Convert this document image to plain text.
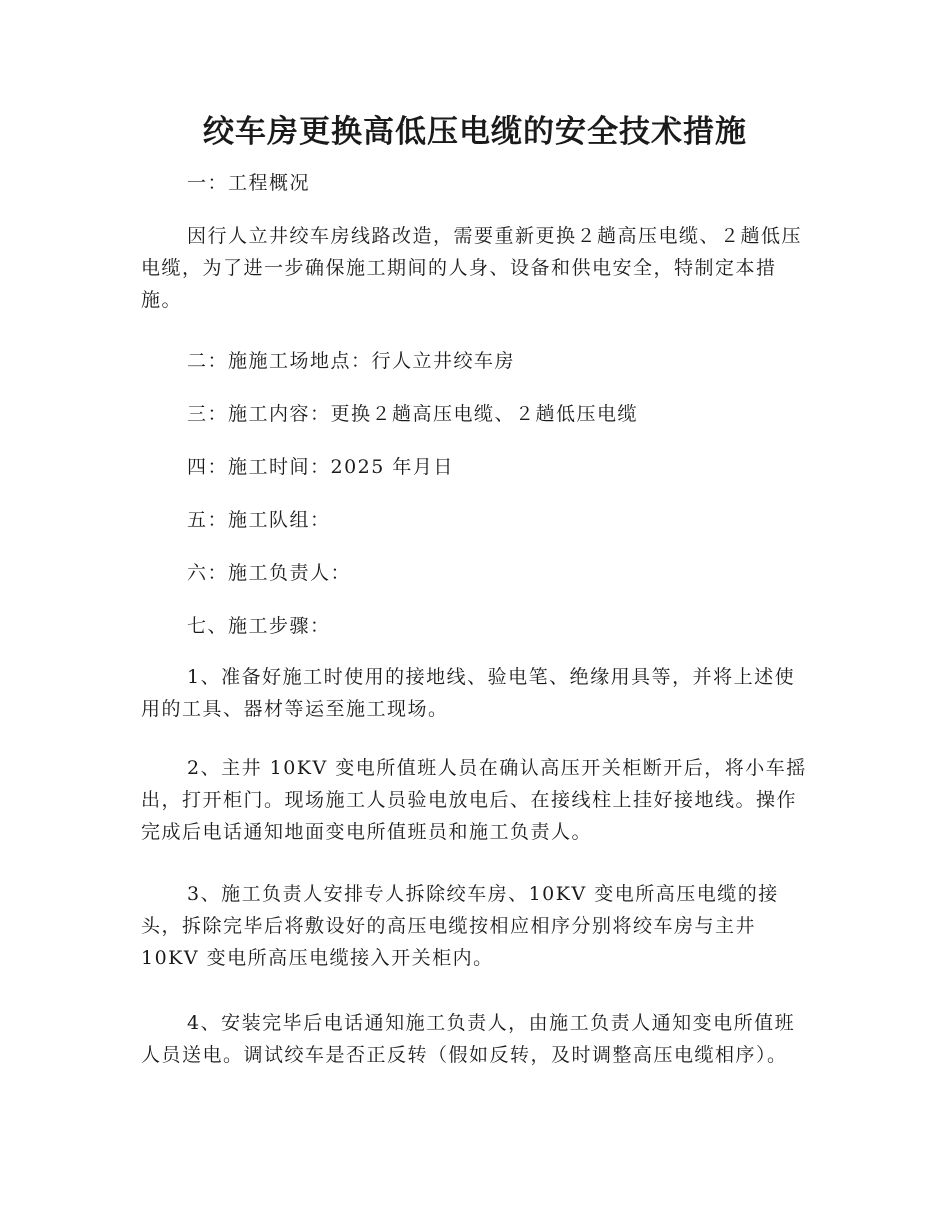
绞车房更换高低压电缆的安全技术措施
一：工程概况

因行人立井绞车房线路改造，需要重新更换２趟高压电缆、２趟低压电缆，为了进一步确保施工期间的人身、设备和供电安全，特制定本措施。

二：施施工场地点：行人立井绞车房
三：施工内容：更换２趟高压电缆、２趟低压电缆
四：施工时间：2025 年月日
五：施工队组：
六：施工负责人：
七、施工步骤：

1、准备好施工时使用的接地线、验电笔、绝缘用具等，并将上述使用的工具、器材等运至施工现场。

2、主井 10KV 变电所值班人员在确认高压开关柜断开后，将小车摇出，打开柜门。现场施工人员验电放电后、在接线柱上挂好接地线。操作完成后电话通知地面变电所值班员和施工负责人。

3、施工负责人安排专人拆除绞车房、10KV 变电所高压电缆的接头，拆除完毕后将敷设好的高压电缆按相应相序分别将绞车房与主井 10KV 变电所高压电缆接入开关柜内。

4、安装完毕后电话通知施工负责人，由施工负责人通知变电所值班人员送电。调试绞车是否正反转（假如反转，及时调整高压电缆相序）。
